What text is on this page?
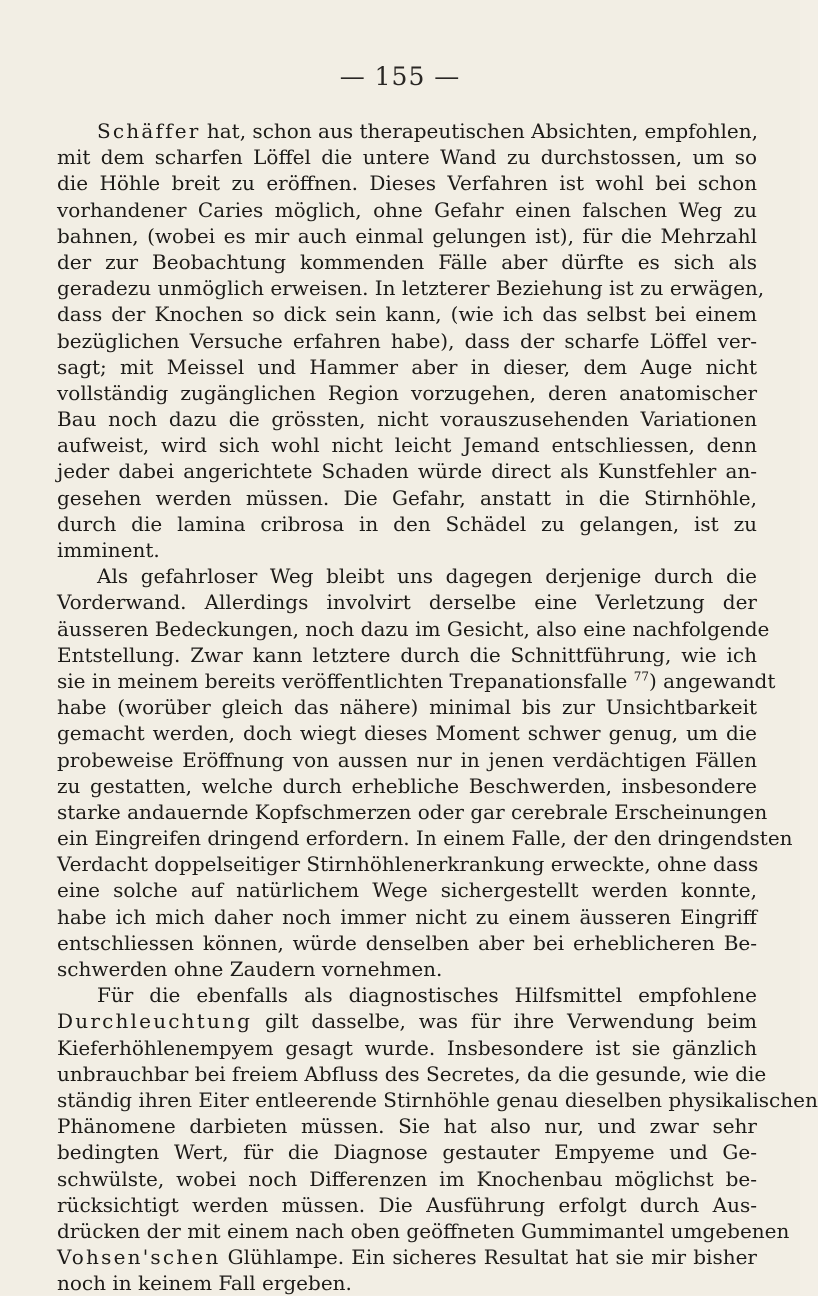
— 155 —
Schäffer hat, schon aus therapeutischen Absichten, empfohlen,
mit dem scharfen Löffel die untere Wand zu durchstossen, um so
die Höhle breit zu eröffnen. Dieses Verfahren ist wohl bei schon
vorhandener Caries möglich, ohne Gefahr einen falschen Weg zu
bahnen, (wobei es mir auch einmal gelungen ist), für die Mehrzahl
der zur Beobachtung kommenden Fälle aber dürfte es sich als
geradezu unmöglich erweisen. In letzterer Beziehung ist zu erwägen,
dass der Knochen so dick sein kann, (wie ich das selbst bei einem
bezüglichen Versuche erfahren habe), dass der scharfe Löffel ver-
sagt; mit Meissel und Hammer aber in dieser, dem Auge nicht
vollständig zugänglichen Region vorzugehen, deren anatomischer
Bau noch dazu die grössten, nicht vorauszusehenden Variationen
aufweist, wird sich wohl nicht leicht Jemand entschliessen, denn
jeder dabei angerichtete Schaden würde direct als Kunstfehler an-
gesehen werden müssen. Die Gefahr, anstatt in die Stirnhöhle,
durch die lamina cribrosa in den Schädel zu gelangen, ist zu
imminent.
Als gefahrloser Weg bleibt uns dagegen derjenige durch die
Vorderwand. Allerdings involvirt derselbe eine Verletzung der
äusseren Bedeckungen, noch dazu im Gesicht, also eine nachfolgende
Entstellung. Zwar kann letztere durch die Schnittführung, wie ich
sie in meinem bereits veröffentlichten Trepanationsfalle $^{77}$) angewandt
habe (worüber gleich das nähere) minimal bis zur Unsichtbarkeit
gemacht werden, doch wiegt dieses Moment schwer genug, um die
probeweise Eröffnung von aussen nur in jenen verdächtigen Fällen
zu gestatten, welche durch erhebliche Beschwerden, insbesondere
starke andauernde Kopfschmerzen oder gar cerebrale Erscheinungen
ein Eingreifen dringend erfordern. In einem Falle, der den dringendsten
Verdacht doppelseitiger Stirnhöhlenerkrankung erweckte, ohne dass
eine solche auf natürlichem Wege sichergestellt werden konnte,
habe ich mich daher noch immer nicht zu einem äusseren Eingriff
entschliessen können, würde denselben aber bei erheblicheren Be-
schwerden ohne Zaudern vornehmen.
Für die ebenfalls als diagnostisches Hilfsmittel empfohlene
Durchleuchtung gilt dasselbe, was für ihre Verwendung beim
Kieferhöhlenempyem gesagt wurde. Insbesondere ist sie gänzlich
unbrauchbar bei freiem Abfluss des Secretes, da die gesunde, wie die
ständig ihren Eiter entleerende Stirnhöhle genau dieselben physikalischen
Phänomene darbieten müssen. Sie hat also nur, und zwar sehr
bedingten Wert, für die Diagnose gestauter Empyeme und Ge-
schwülste, wobei noch Differenzen im Knochenbau möglichst be-
rücksichtigt werden müssen. Die Ausführung erfolgt durch Aus-
drücken der mit einem nach oben geöffneten Gummimantel umgebenen
Vohsen'schen Glühlampe. Ein sicheres Resultat hat sie mir bisher
noch in keinem Fall ergeben.
